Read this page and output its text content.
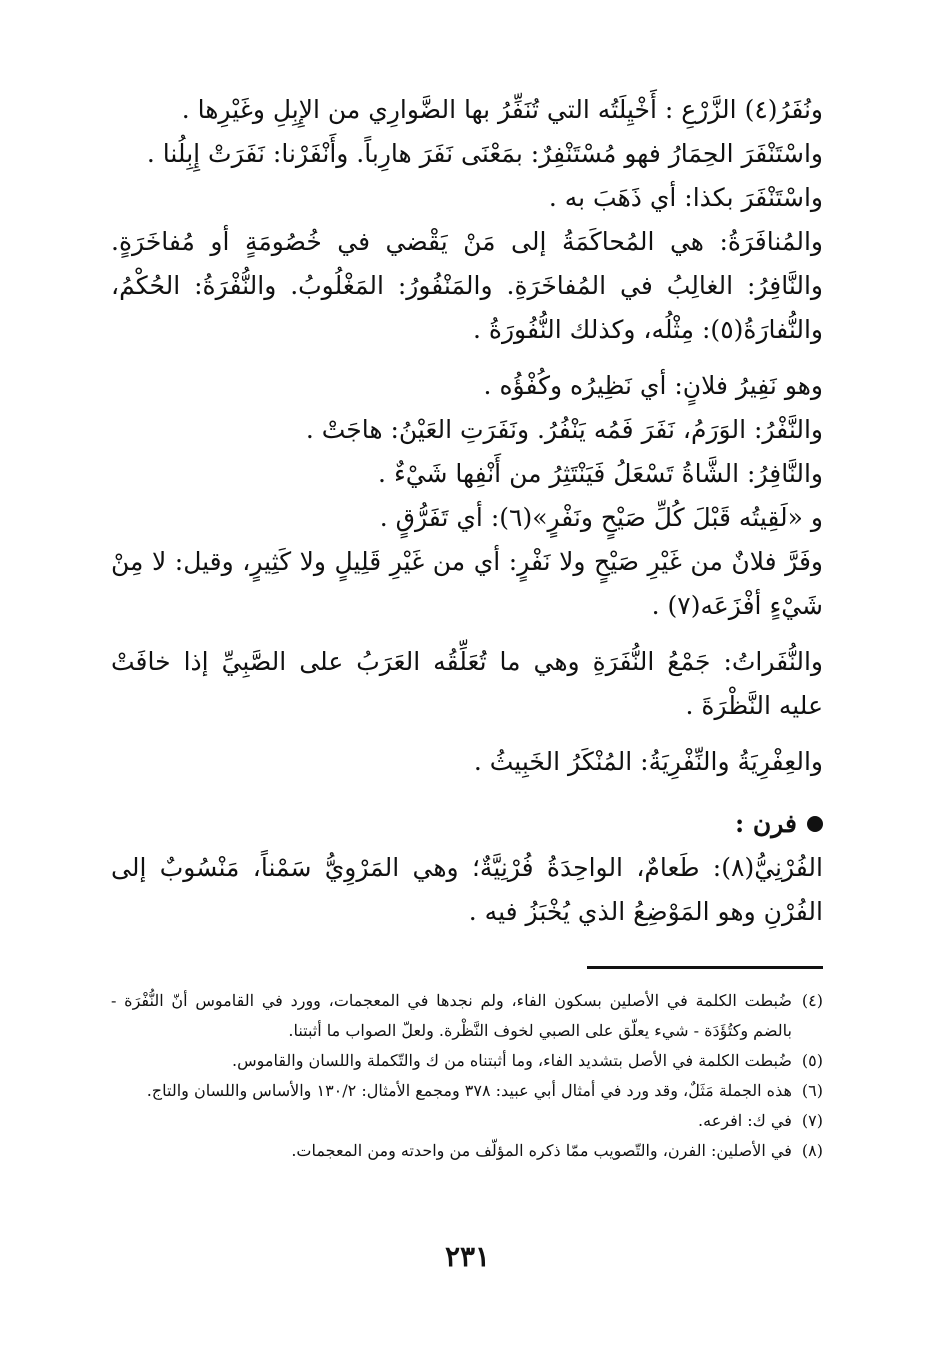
ونُفَرُ(٤) الزَّرْعِ : أَخْيِلَتُه التي تُنَفِّرُ بها الضَّوارِي من الإِبِلِ وغَيْرِها .

واسْتَنْفَرَ الحِمَارُ فهو مُسْتَنْفِرٌ: بمَعْنَى نَفَرَ هارِباً. وأَنْفَرْنا: نَفَرَتْ إِبِلُنا .

واسْتَنْفَرَ بكذا: أي ذَهَبَ به .

والمُنافَرَةُ: هي المُحاكَمَةُ إلى مَنْ يَقْضي في خُصُومَةٍ أو مُفاخَرَةٍ. والنَّافِرُ: الغالِبُ في المُفاخَرَةِ. والمَنْفُورُ: المَغْلُوبُ. والنُّفْرَةُ: الحُكْمُ، والنُّفارَةُ(٥): مِثْلُه، وكذلك النُّفُورَةُ .

وهو نَفِيرُ فلانٍ: أي نَظِيرُه وكُفْؤُه .

والنَّفْرُ: الوَرَمُ، نَفَرَ فَمُه يَنْفُرُ. ونَفَرَتِ العَيْنُ: هاجَتْ .

والنَّافِرُ: الشَّاةُ تَسْعَلُ فَيَنْتَثِرُ من أَنْفِها شَيْءٌ .

و «لَقِيتُه قَبْلَ كُلِّ صَيْحٍ ونَفْرٍ»(٦): أي تَفَرُّقٍ .

وفَرَّ فلانٌ من غَيْرِ صَيْحٍ ولا نَفْرٍ: أي من غَيْرِ قَلِيلٍ ولا كَثِيرٍ، وقيل: لا مِنْ شَيْءٍ أفْزَعَه(٧) .

والنُّفَراتُ: جَمْعُ النُّفَرَةِ وهي ما تُعَلِّقُه العَرَبُ على الصَّبِيِّ إذا خافَتْ عليه النَّظْرَةَ .

والعِفْرِيَةُ والنِّفْرِيَةُ: المُنْكَرُ الخَبِيثُ .

فرن :

الفُرْنِيُّ(٨): طَعامٌ، الواحِدَةُ فُرْنِيَّةٌ؛ وهي المَرْوِيُّ سَمْناً، مَنْسُوبٌ إلى الفُرْنِ وهو المَوْضِعُ الذي يُخْبَزُ فيه .

(٤)
ضُبطت الكلمة في الأصلين بسكون الفاء، ولم نجدها في المعجمات، وورد في القاموس أنّ النُّفْرَة - بالضم وكتُؤَدَة - شيء يعلّق على الصبي لخوف النَّظْرة. ولعلّ الصواب ما أثبتنا.
(٥)
ضُبطت الكلمة في الأصل بتشديد الفاء، وما أثبتناه من ك والتّكملة واللسان والقاموس.
(٦)
هذه الجملة مَثَلٌ، وقد ورد في أمثال أبي عبيد: ٣٧٨ ومجمع الأمثال: ١٣٠/٢ والأساس واللسان والتاج.
(٧)
في ك: افرعه.
(٨)
في الأصلين: الفرن، والتّصويب ممّا ذكره المؤلّف من واحدته ومن المعجمات.
٢٣١
